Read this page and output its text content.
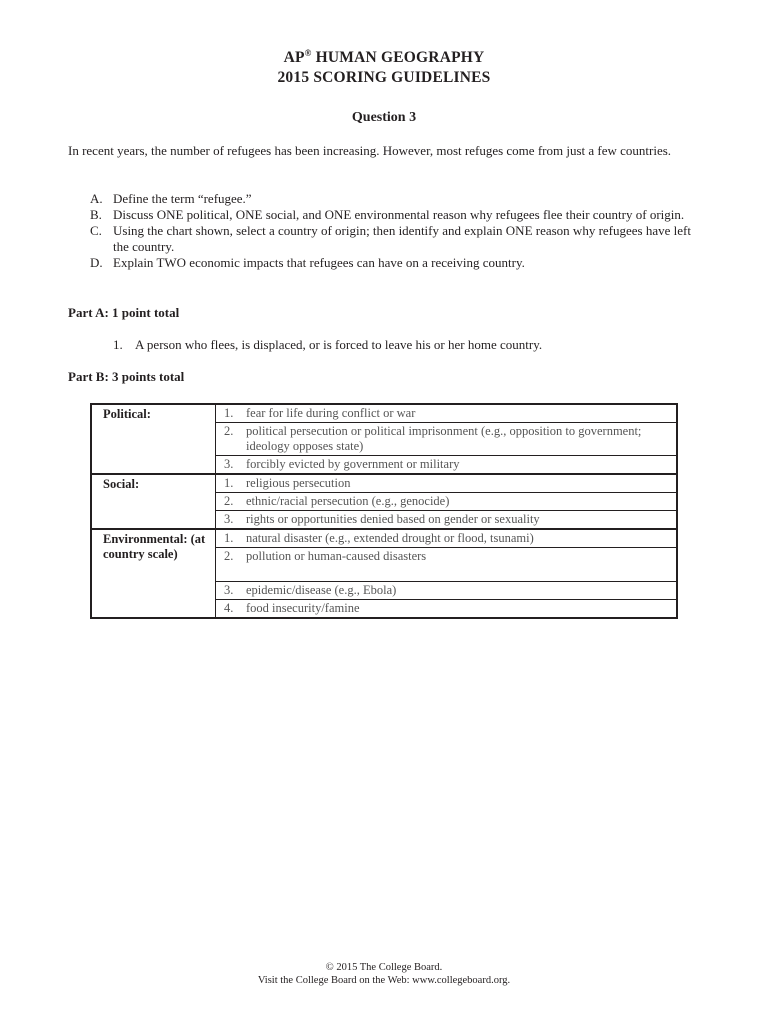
AP® HUMAN GEOGRAPHY
2015 SCORING GUIDELINES
Question 3
In recent years, the number of refugees has been increasing. However, most refuges come from just a few countries.
A. Define the term “refugee.”
B. Discuss ONE political, ONE social, and ONE environmental reason why refugees flee their country of origin.
C. Using the chart shown, select a country of origin; then identify and explain ONE reason why refugees have left the country.
D. Explain TWO economic impacts that refugees can have on a receiving country.
Part A: 1 point total
1. A person who flees, is displaced, or is forced to leave his or her home country.
Part B: 3 points total
Political:	1. fear for life during conflict or war

	2. political persecution or political imprisonment (e.g., opposition to government; ideology opposes state)

	3. forcibly evicted by government or military

Social:	1. religious persecution

	2. ethnic/racial persecution (e.g., genocide)

	3. rights or opportunities denied based on gender or sexuality

Environmental: (at country scale)	1. natural disaster (e.g., extended drought or flood, tsunami)

	2. pollution or human-caused disasters

	3. epidemic/disease (e.g., Ebola)

	4. food insecurity/famine
© 2015 The College Board.
Visit the College Board on the Web: www.collegeboard.org.
